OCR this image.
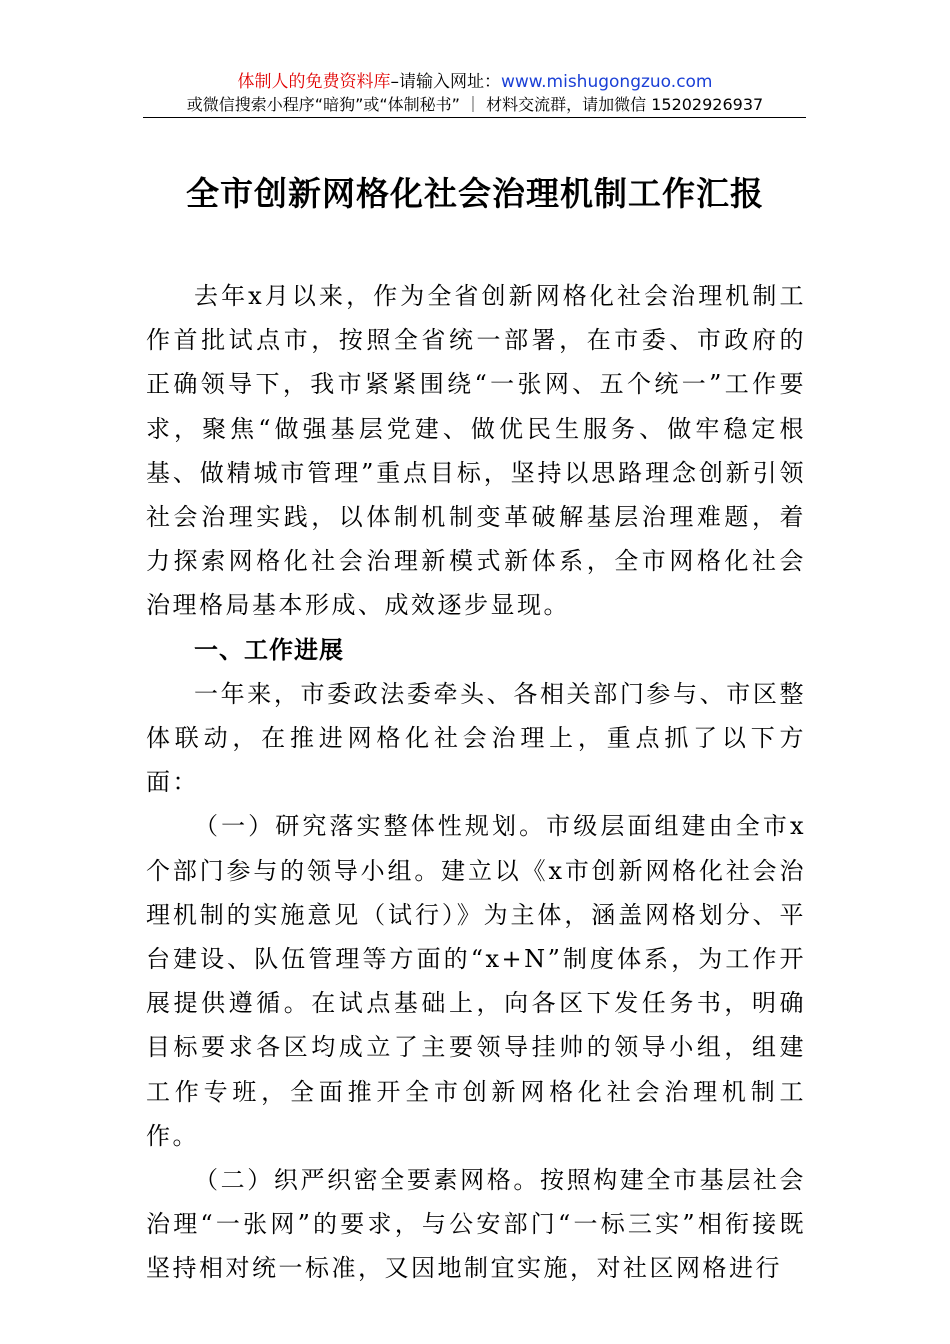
体制人的免费资料库–请输入网址：www.mishugongzuo.com
或微信搜索小程序“暗狗”或“体制秘书” ｜ 材料交流群，请加微信 15202926937
全市创新网格化社会治理机制工作汇报

去年x月以来，作为全省创新网格化社会治理机制工作首批试点市，按照全省统一部署，在市委、市政府的正确领导下，我市紧紧围绕“一张网、五个统一”工作要求，聚焦“做强基层党建、做优民生服务、做牢稳定根基、做精城市管理”重点目标，坚持以思路理念创新引领社会治理实践，以体制机制变革破解基层治理难题，着力探索网格化社会治理新模式新体系，全市网格化社会治理格局基本形成、成效逐步显现。

一、工作进展

一年来，市委政法委牵头、各相关部门参与、市区整体联动，在推进网格化社会治理上，重点抓了以下方面：

（一）研究落实整体性规划。市级层面组建由全市x个部门参与的领导小组。建立以《x市创新网格化社会治理机制的实施意见（试行）》为主体，涵盖网格划分、平台建设、队伍管理等方面的“x+N”制度体系，为工作开展提供遵循。在试点基础上，向各区下发任务书，明确目标要求各区均成立了主要领导挂帅的领导小组，组建工作专班，全面推开全市创新网格化社会治理机制工作。

（二）织严织密全要素网格。按照构建全市基层社会治理“一张网”的要求，与公安部门“一标三实”相衔接既坚持相对统一标准，又因地制宜实施，对社区网格进行
